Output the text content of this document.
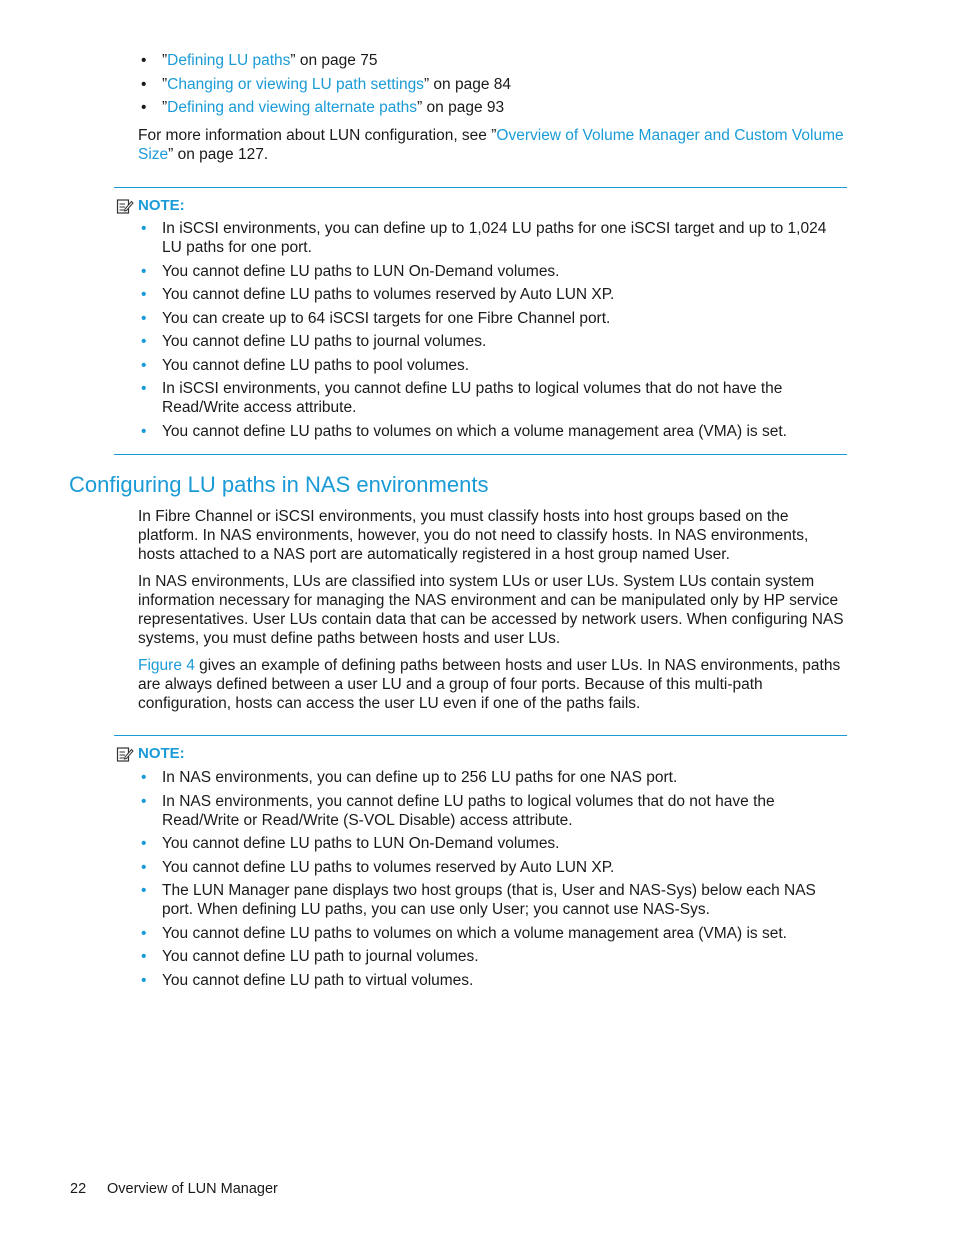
• ”Defining LU paths” on page 75
• ”Changing or viewing LU path settings” on page 84
• ”Defining and viewing alternate paths” on page 93
For more information about LUN configuration, see ”Overview of Volume Manager and Custom Volume Size” on page 127.
NOTE:
• In iSCSI environments, you can define up to 1,024 LU paths for one iSCSI target and up to 1,024 LU paths for one port.
• You cannot define LU paths to LUN On-Demand volumes.
• You cannot define LU paths to volumes reserved by Auto LUN XP.
• You can create up to 64 iSCSI targets for one Fibre Channel port.
• You cannot define LU paths to journal volumes.
• You cannot define LU paths to pool volumes.
• In iSCSI environments, you cannot define LU paths to logical volumes that do not have the Read/Write access attribute.
• You cannot define LU paths to volumes on which a volume management area (VMA) is set.
Configuring LU paths in NAS environments
In Fibre Channel or iSCSI environments, you must classify hosts into host groups based on the platform. In NAS environments, however, you do not need to classify hosts. In NAS environments, hosts attached to a NAS port are automatically registered in a host group named User.
In NAS environments, LUs are classified into system LUs or user LUs. System LUs contain system information necessary for managing the NAS environment and can be manipulated only by HP service representatives. User LUs contain data that can be accessed by network users. When configuring NAS systems, you must define paths between hosts and user LUs.
Figure 4 gives an example of defining paths between hosts and user LUs. In NAS environments, paths are always defined between a user LU and a group of four ports. Because of this multi-path configuration, hosts can access the user LU even if one of the paths fails.
NOTE:
• In NAS environments, you can define up to 256 LU paths for one NAS port.
• In NAS environments, you cannot define LU paths to logical volumes that do not have the Read/Write or Read/Write (S-VOL Disable) access attribute.
• You cannot define LU paths to LUN On-Demand volumes.
• You cannot define LU paths to volumes reserved by Auto LUN XP.
• The LUN Manager pane displays two host groups (that is, User and NAS-Sys) below each NAS port. When defining LU paths, you can use only User; you cannot use NAS-Sys.
• You cannot define LU paths to volumes on which a volume management area (VMA) is set.
• You cannot define LU path to journal volumes.
• You cannot define LU path to virtual volumes.
22 Overview of LUN Manager
